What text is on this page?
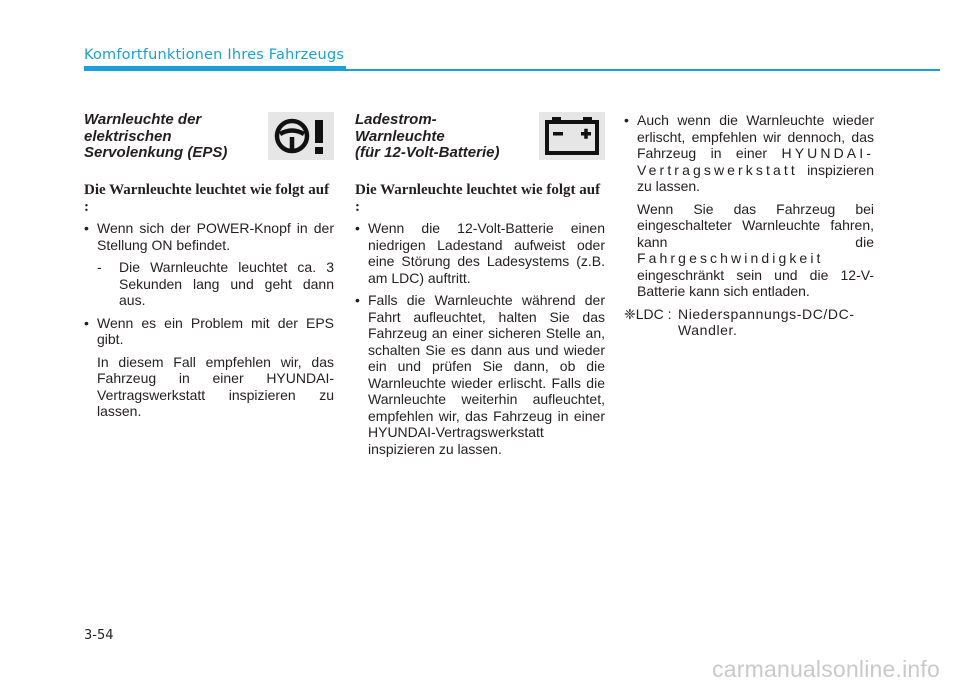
Komfortfunktionen Ihres Fahrzeugs
Warnleuchte der
elektrischen
Servolenkung (EPS)
Die Warnleuchte leuchtet wie folgt auf :
• Wenn sich der POWER-Knopf in der Stellung ON befindet.
- Die Warnleuchte leuchtet ca. 3 Sekunden lang und geht dann aus.
• Wenn es ein Problem mit der EPS gibt.
In diesem Fall empfehlen wir, das Fahrzeug in einer HYUNDAI-Vertragswerkstatt inspizieren zu lassen.
Ladestrom-
Warnleuchte
(für 12-Volt-Batterie)
Die Warnleuchte leuchtet wie folgt auf :
• Wenn die 12-Volt-Batterie einen niedrigen Ladestand aufweist oder eine Störung des Ladesystems (z.B. am LDC) auftritt.
• Falls die Warnleuchte während der Fahrt aufleuchtet, halten Sie das Fahrzeug an einer sicheren Stelle an, schalten Sie es dann aus und wieder ein und prüfen Sie dann, ob die Warnleuchte wieder erlischt. Falls die Warnleuchte weiterhin aufleuchtet, empfehlen wir, das Fahrzeug in einer HYUNDAI-Vertragswerkstatt inspizieren zu lassen.
• Auch wenn die Warnleuchte wieder erlischt, empfehlen wir dennoch, das Fahrzeug in einer HYUNDAI-Vertragswerkstatt inspizieren zu lassen.
Wenn Sie das Fahrzeug bei eingeschalteter Warnleuchte fahren, kann die Fahrgeschwindigkeit eingeschränkt sein und die 12-V-Batterie kann sich entladen.
❈LDC : Niederspannungs-DC/DC-Wandler.
3-54
carmanualsonline.info
